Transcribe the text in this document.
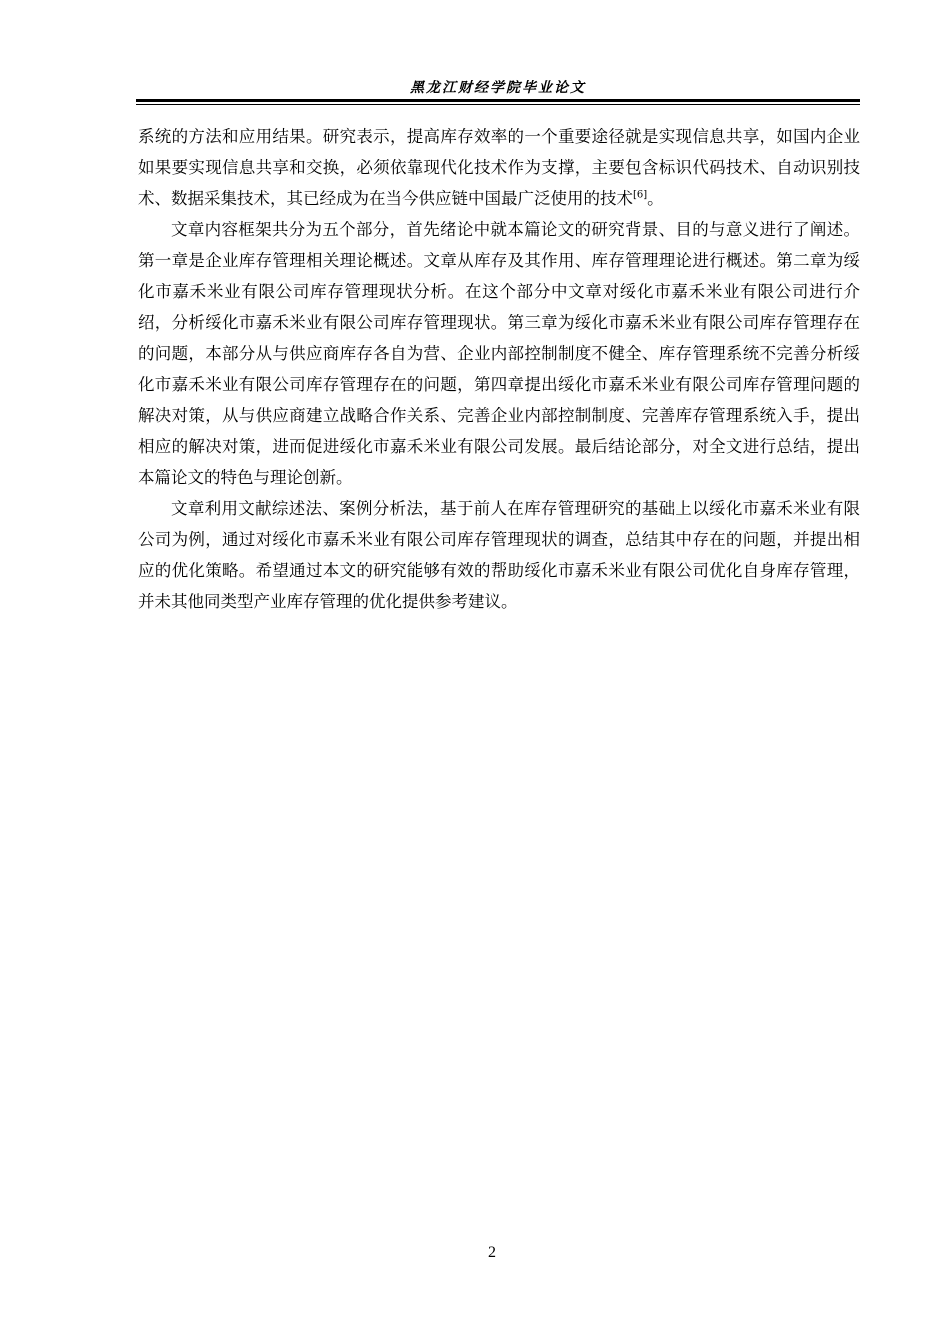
黑龙江财经学院毕业论文

系统的方法和应用结果。研究表示，提高库存效率的一个重要途径就是实现信息共享，如国内企业如果要实现信息共享和交换，必须依靠现代化技术作为支撑，主要包含标识代码技术、自动识别技术、数据采集技术，其已经成为在当今供应链中国最广泛使用的技术[6]。

文章内容框架共分为五个部分，首先绪论中就本篇论文的研究背景、目的与意义进行了阐述。第一章是企业库存管理相关理论概述。文章从库存及其作用、库存管理理论进行概述。第二章为绥化市嘉禾米业有限公司库存管理现状分析。在这个部分中文章对绥化市嘉禾米业有限公司进行介绍，分析绥化市嘉禾米业有限公司库存管理现状。第三章为绥化市嘉禾米业有限公司库存管理存在的问题，本部分从与供应商库存各自为营、企业内部控制制度不健全、库存管理系统不完善分析绥化市嘉禾米业有限公司库存管理存在的问题，第四章提出绥化市嘉禾米业有限公司库存管理问题的解决对策，从与供应商建立战略合作关系、完善企业内部控制制度、完善库存管理系统入手，提出相应的解决对策，进而促进绥化市嘉禾米业有限公司发展。最后结论部分，对全文进行总结，提出本篇论文的特色与理论创新。

文章利用文献综述法、案例分析法，基于前人在库存管理研究的基础上以绥化市嘉禾米业有限公司为例，通过对绥化市嘉禾米业有限公司库存管理现状的调查，总结其中存在的问题，并提出相应的优化策略。希望通过本文的研究能够有效的帮助绥化市嘉禾米业有限公司优化自身库存管理，并未其他同类型产业库存管理的优化提供参考建议。

2
